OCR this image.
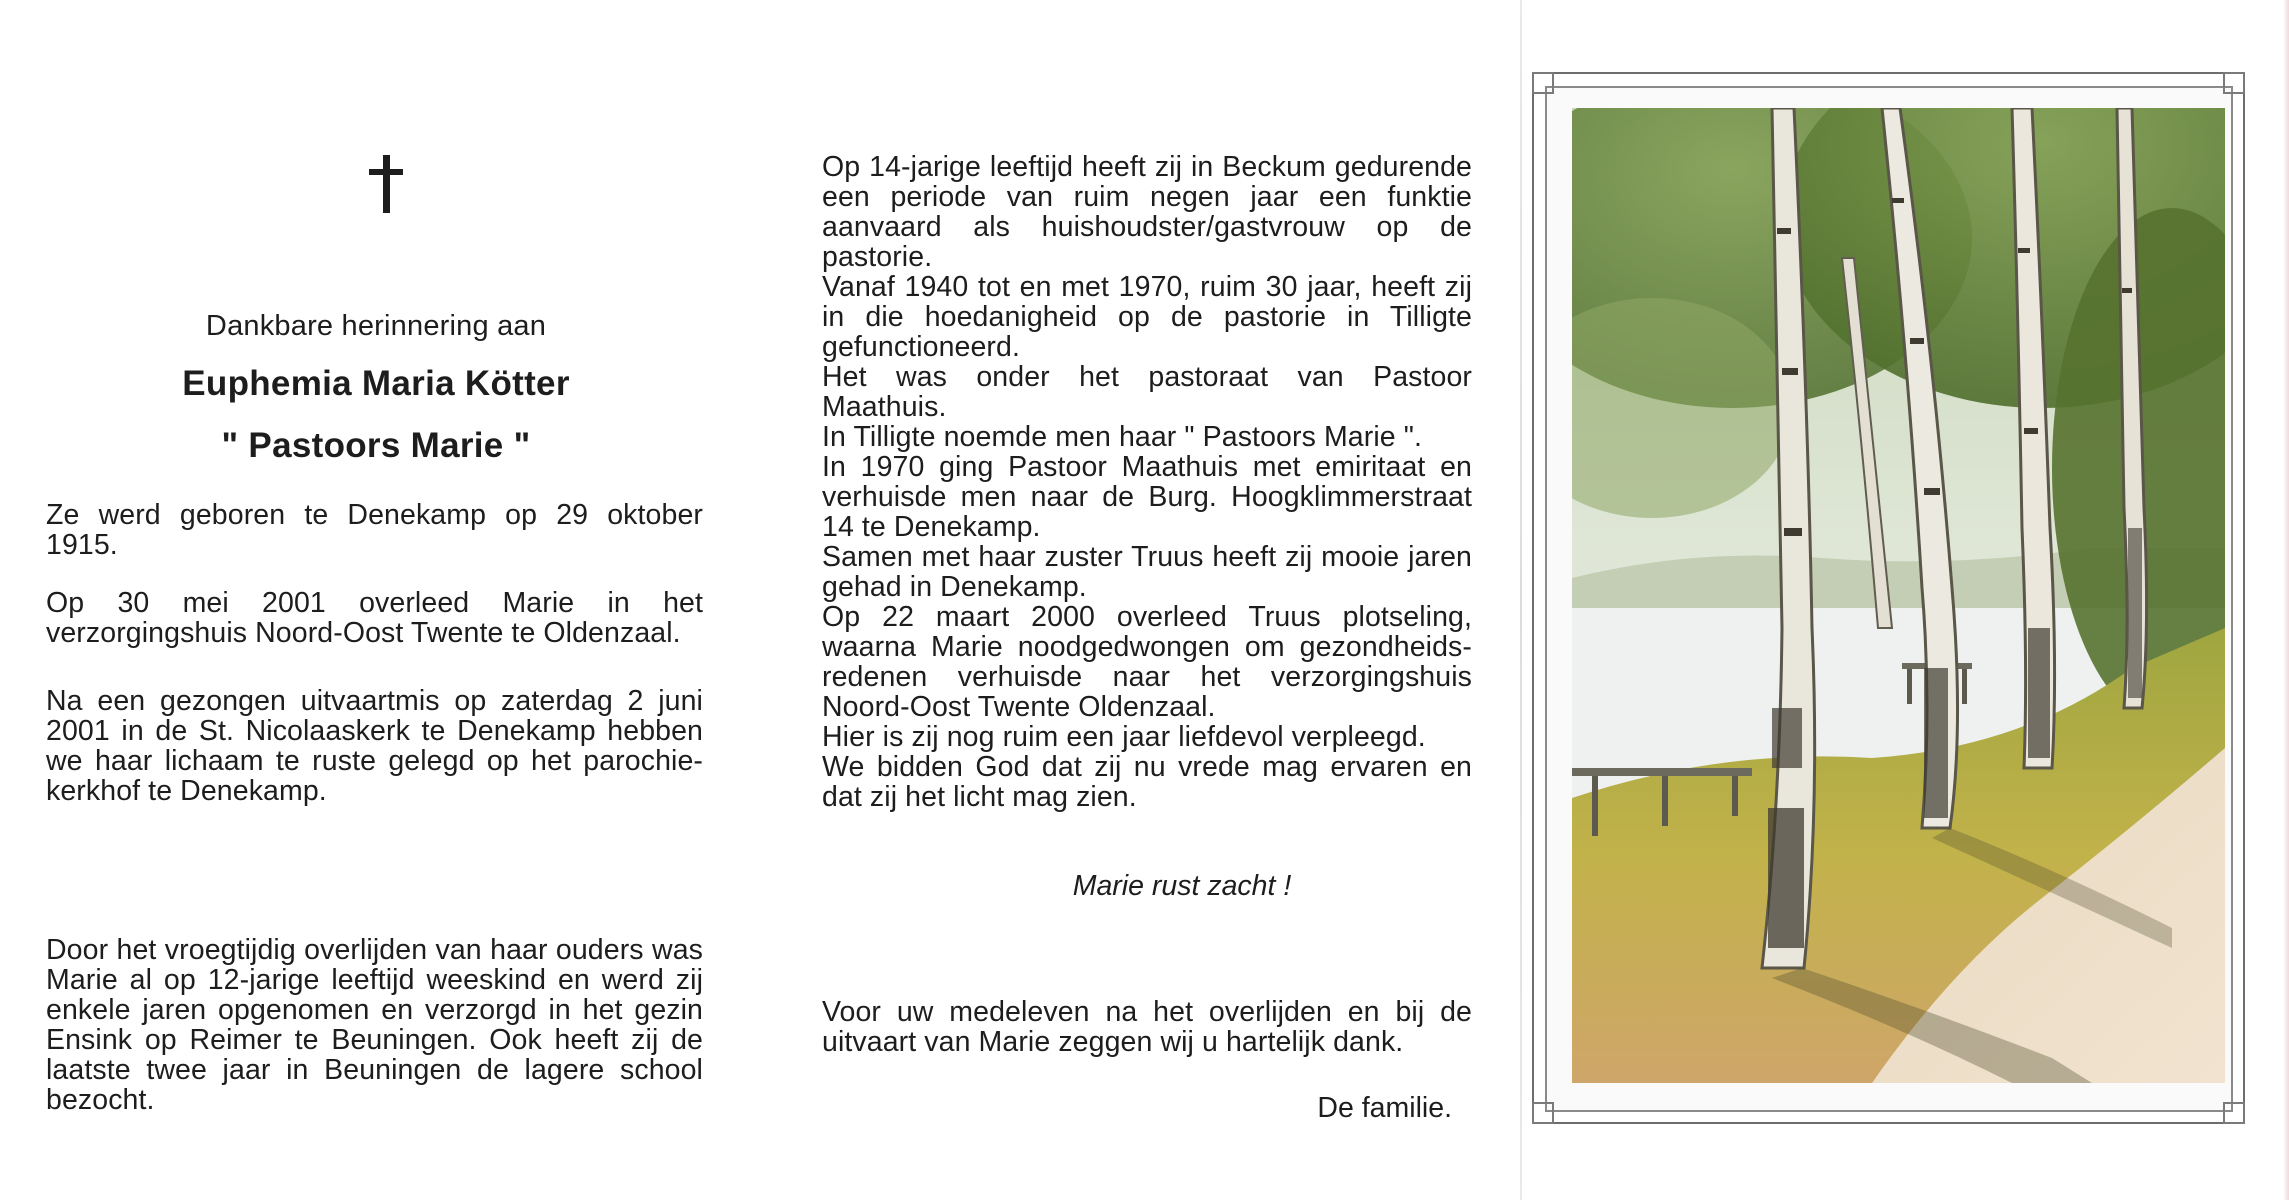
Dankbare herinnering aan
Euphemia Maria Kötter
" Pastoors Marie "
Ze werd geboren te Denekamp op 29 oktober 1915.
Op 30 mei 2001 overleed Marie in het verzorgingshuis Noord-Oost Twente te Oldenzaal.
Na een gezongen uitvaartmis op zaterdag 2 juni 2001 in de St. Nicolaaskerk te Denekamp hebben we haar lichaam te ruste gelegd op het parochie-kerkhof te Denekamp.
Door het vroegtijdig overlijden van haar ouders was Marie al op 12-jarige leeftijd weeskind en werd zij enkele jaren opgenomen en verzorgd in het gezin Ensink op Reimer te Beuningen. Ook heeft zij de laatste twee jaar in Beuningen de lagere school bezocht.
Op 14-jarige leeftijd heeft zij in Beckum gedurende een periode van ruim negen jaar een funktie aanvaard als huishoudster/gastvrouw op de pastorie.
Vanaf 1940 tot en met 1970, ruim 30 jaar, heeft zij in die hoedanigheid op de pastorie in Tilligte gefunctioneerd.
Het was onder het pastoraat van Pastoor Maathuis.
In Tilligte noemde men haar " Pastoors Marie ".
In 1970 ging Pastoor Maathuis met emiritaat en verhuisde men naar de Burg. Hoogklimmerstraat 14 te Denekamp.
Samen met haar zuster Truus heeft zij mooie jaren gehad in Denekamp.
Op 22 maart 2000 overleed Truus plotseling, waarna Marie noodgedwongen om gezondheids-redenen verhuisde naar het verzorgingshuis Noord-Oost Twente Oldenzaal.
Hier is zij nog ruim een jaar liefdevol verpleegd.
We bidden God dat zij nu vrede mag ervaren en dat zij het licht mag zien.
Marie rust zacht !
Voor uw medeleven na het overlijden en bij de uitvaart van Marie zeggen wij u hartelijk dank.
De familie.
